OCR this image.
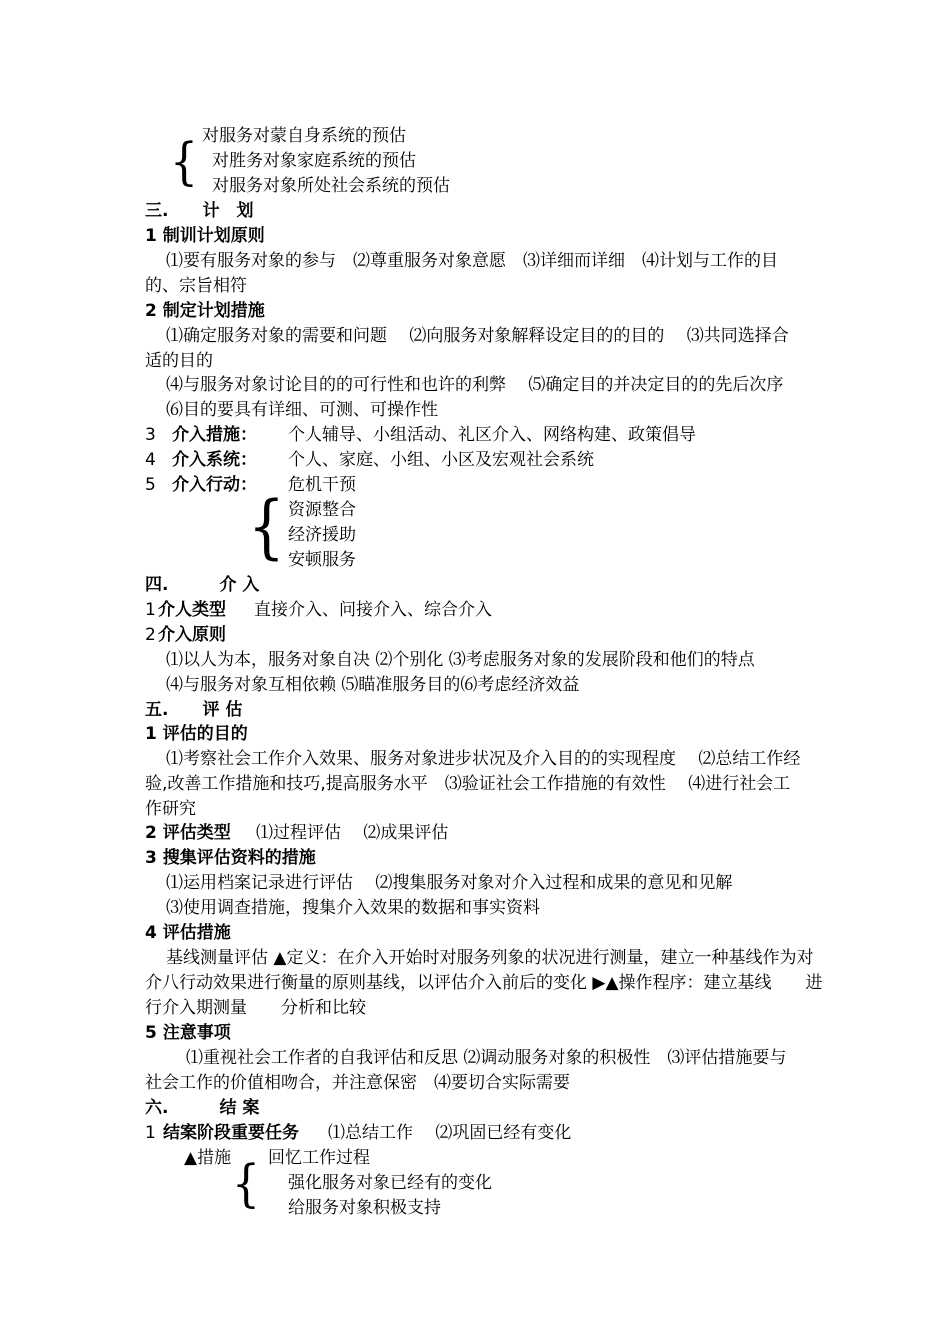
{ 对服务对蒙自身系统的预估
对胜务对象家庭系统的预估
对服务对象所处社会系统的预估
三.　　计　划
1 制训计划原则
⑴要有服务对象的参与　⑵尊重服务对象意愿　⑶详细而详细　⑷计划与工作的目
的、宗旨相符
2 制定计划措施
⑴确定服务对象的需要和问题　 ⑵向服务对象解释设定目的的目的　 ⑶共同选择合
适的目的
⑷与服务对象讨论目的的可行性和也许的利弊　 ⑸确定目的并决定目的的先后次序
⑹目的要具有详细、可测、可操作性
3 介入措施： 个人辅导、小组活动、礼区介入、网络构建、政策倡导
4 介入系统： 个人、家庭、小组、小区及宏观社会系统
5 介入行动：
{
危机干预
资源整合
经济援助
安顿服务
四.　　　介 入
1 介人类型 直接介入、问接介入、综合介入
2 介入原则
⑴以人为本，服务对象自决 ⑵个别化 ⑶考虑服务对象的发展阶段和他们的特点
⑷与服务对象互相依赖 ⑸瞄准服务目的⑹考虑经济效益
五.　　评 估
1 评估的目的
⑴考察社会工作介入效果、服务对象进步状况及介入目的的实现程度　 ⑵总结工作经
验,改善工作措施和技巧,提高服务水平　⑶验证社会工作措施的有效性　 ⑷进行社会工
作研究
2 评估类型 ⑴过程评估　 ⑵成果评估
3 搜集评估资料的措施
⑴运用档案记录进行评估　 ⑵搜集服务对象对介入过程和成果的意见和见解
⑶使用调查措施，搜集介入效果的数据和事实资料
4 评估措施
基线测量评估 ▲定义：在介入开始时对服务列象的状况进行测量，建立一种基线作为对
介八行动效果进行衡量的原则基线，以评估介入前后的变化 ▶▲操作程序：建立基线　　进
行介入期测量　　分析和比较
5 注意事项
⑴重视社会工作者的自我评估和反思 ⑵调动服务对象的积极性　⑶评估措施要与
社会工作的价值相吻合，并注意保密　⑷要切合实际需要
六.　　　结 案
1 结案阶段重要任务 ⑴总结工作　 ⑵巩固已经有变化
▲措施 { 回忆工作过程
强化服务对象已经有的变化
给服务对象积极支持
